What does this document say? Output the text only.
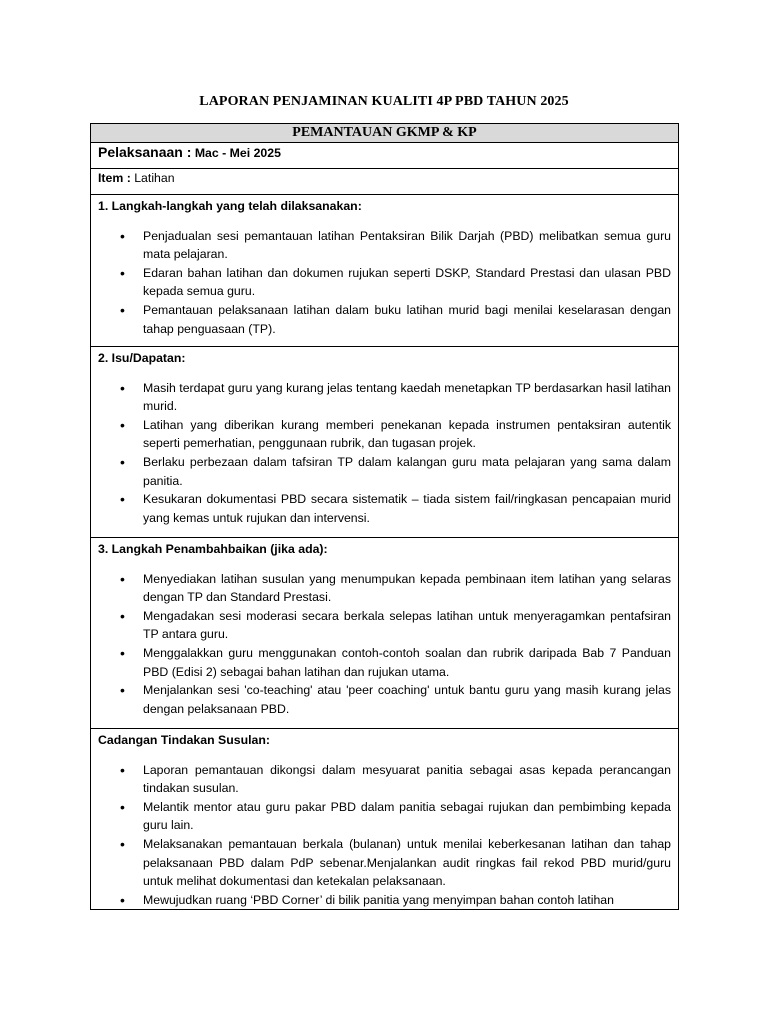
LAPORAN PENJAMINAN KUALITI 4P PBD TAHUN 2025
PEMANTAUAN GKMP & KP
Pelaksanaan : Mac - Mei 2025
Item : Latihan

1. Langkah-langkah yang telah dilaksanakan:
• Penjadualan sesi pemantauan latihan Pentaksiran Bilik Darjah (PBD) melibatkan semua guru mata pelajaran.
• Edaran bahan latihan dan dokumen rujukan seperti DSKP, Standard Prestasi dan ulasan PBD kepada semua guru.
• Pemantauan pelaksanaan latihan dalam buku latihan murid bagi menilai keselarasan dengan tahap penguasaan (TP).

2. Isu/Dapatan:
• Masih terdapat guru yang kurang jelas tentang kaedah menetapkan TP berdasarkan hasil latihan murid.
• Latihan yang diberikan kurang memberi penekanan kepada instrumen pentaksiran autentik seperti pemerhatian, penggunaan rubrik, dan tugasan projek.
• Berlaku perbezaan dalam tafsiran TP dalam kalangan guru mata pelajaran yang sama dalam panitia.
• Kesukaran dokumentasi PBD secara sistematik – tiada sistem fail/ringkasan pencapaian murid yang kemas untuk rujukan dan intervensi.

3. Langkah Penambahbaikan (jika ada):
• Menyediakan latihan susulan yang menumpukan kepada pembinaan item latihan yang selaras dengan TP dan Standard Prestasi.
• Mengadakan sesi moderasi secara berkala selepas latihan untuk menyeragamkan pentafsiran TP antara guru.
• Menggalakkan guru menggunakan contoh-contoh soalan dan rubrik daripada Bab 7 Panduan PBD (Edisi 2) sebagai bahan latihan dan rujukan utama.
• Menjalankan sesi 'co-teaching' atau 'peer coaching' untuk bantu guru yang masih kurang jelas dengan pelaksanaan PBD.

Cadangan Tindakan Susulan:
• Laporan pemantauan dikongsi dalam mesyuarat panitia sebagai asas kepada perancangan tindakan susulan.
• Melantik mentor atau guru pakar PBD dalam panitia sebagai rujukan dan pembimbing kepada guru lain.
• Melaksanakan pemantauan berkala (bulanan) untuk menilai keberkesanan latihan dan tahap pelaksanaan PBD dalam PdP sebenar.Menjalankan audit ringkas fail rekod PBD murid/guru untuk melihat dokumentasi dan ketekalan pelaksanaan.
• Mewujudkan ruang ‘PBD Corner’ di bilik panitia yang menyimpan bahan contoh latihan
